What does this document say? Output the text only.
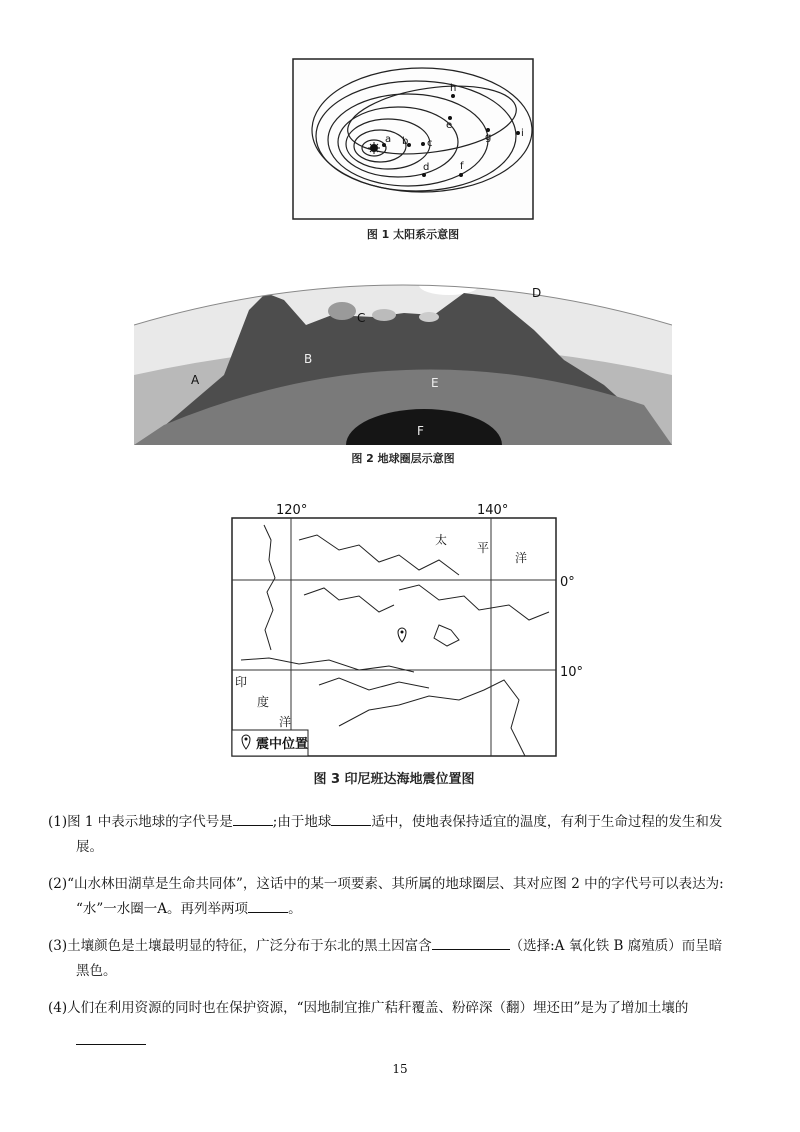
a b c
d
e
f
g
h
i
图 1 太阳系示意图
A
B
C
D
E
F
图 2 地球圈层示意图
120°	140°
0°
10°
太
平
洋
印
度
洋
震中位置
图 3 印尼班达海地震位置图
(1)图 1 中表示地球的字代号是	;由于地球	适中，使地表保持适宜的温度，有利于生命过程的发生和发
展。
(2)“山水林田湖草是生命共同体”，这话中的某一项要素、其所属的地球圈层、其对应图 2 中的字代号可以表达为:
“水”一水圈一A。再列举两项	。
(3)土壤颜色是土壤最明显的特征，广泛分布于东北的黑土因富含	（选择:A 氧化铁 B 腐殖质）而呈暗
黑色。
(4)人们在利用资源的同时也在保护资源，“因地制宜推广秸秆覆盖、粉碎深（翻）埋还田”是为了增加土壤的
15
